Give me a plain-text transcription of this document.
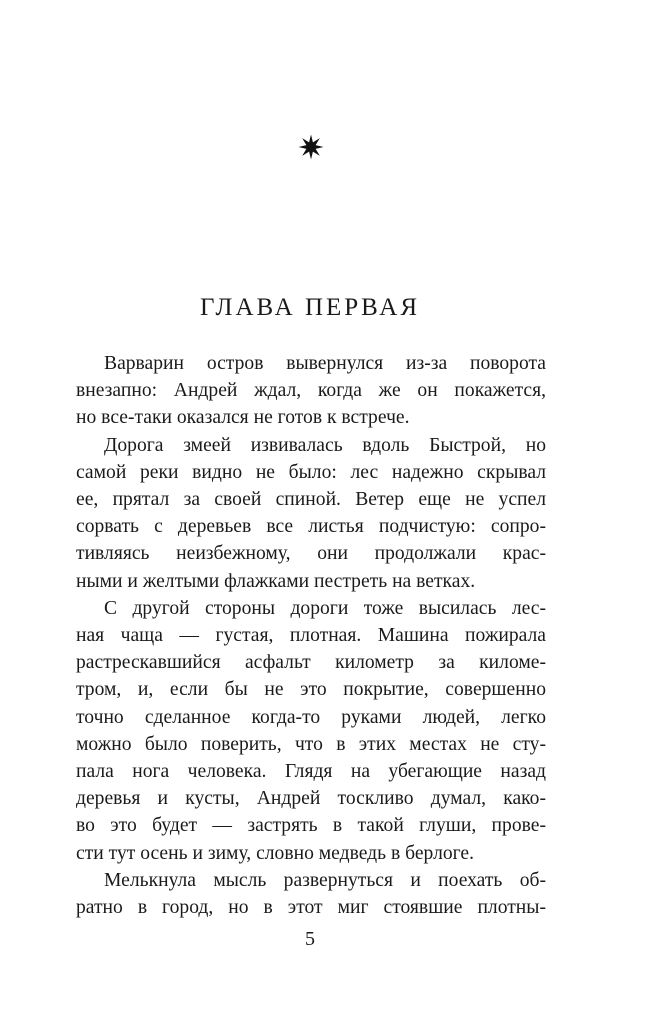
ГЛАВА ПЕРВАЯ
Варварин остров вывернулся из-за поворота
внезапно: Андрей ждал, когда же он покажется,
но все-таки оказался не готов к встрече.
Дорога змеей извивалась вдоль Быстрой, но
самой реки видно не было: лес надежно скрывал
ее, прятал за своей спиной. Ветер еще не успел
сорвать с деревьев все листья подчистую: сопро-
тивляясь неизбежному, они продолжали крас-
ными и желтыми флажками пестреть на ветках.
С другой стороны дороги тоже высилась лес-
ная чаща — густая, плотная. Машина пожирала
растрескавшийся асфальт километр за киломе-
тром, и, если бы не это покрытие, совершенно
точно сделанное когда-то руками людей, легко
можно было поверить, что в этих местах не сту-
пала нога человека. Глядя на убегающие назад
деревья и кусты, Андрей тоскливо думал, како-
во это будет — застрять в такой глуши, прове-
сти тут осень и зиму, словно медведь в берлоге.
Мелькнула мысль развернуться и поехать об-
ратно в город, но в этот миг стоявшие плотны-
5
